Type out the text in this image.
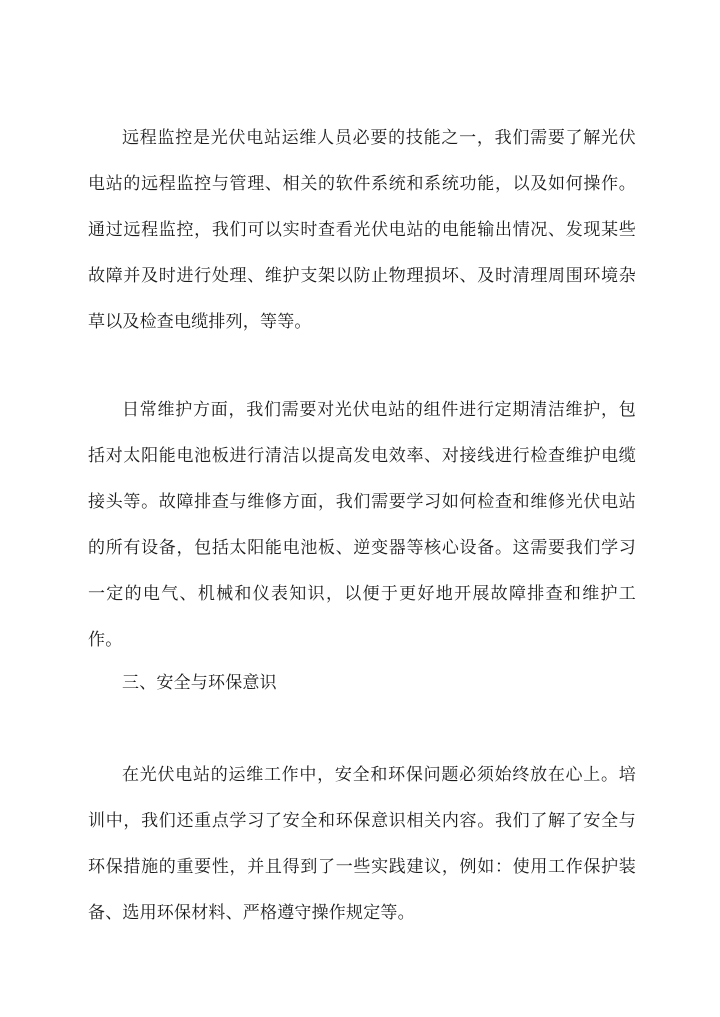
远程监控是光伏电站运维人员必要的技能之一，我们需要了解光伏电站的远程监控与管理、相关的软件系统和系统功能，以及如何操作。通过远程监控，我们可以实时查看光伏电站的电能输出情况、发现某些故障并及时进行处理、维护支架以防止物理损坏、及时清理周围环境杂草以及检查电缆排列，等等。

日常维护方面，我们需要对光伏电站的组件进行定期清洁维护，包括对太阳能电池板进行清洁以提高发电效率、对接线进行检查维护电缆接头等。故障排查与维修方面，我们需要学习如何检查和维修光伏电站的所有设备，包括太阳能电池板、逆变器等核心设备。这需要我们学习一定的电气、机械和仪表知识，以便于更好地开展故障排查和维护工作。

三、安全与环保意识

在光伏电站的运维工作中，安全和环保问题必须始终放在心上。培训中，我们还重点学习了安全和环保意识相关内容。我们了解了安全与环保措施的重要性，并且得到了一些实践建议，例如：使用工作保护装备、选用环保材料、严格遵守操作规定等。
